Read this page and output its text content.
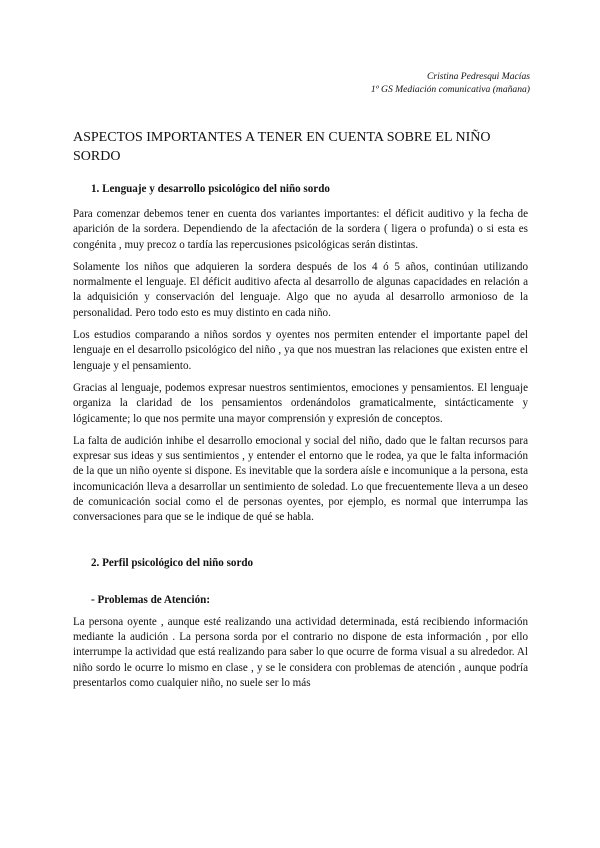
Cristina Pedresqui Macías
1º GS Mediación comunicativa (mañana)
ASPECTOS IMPORTANTES A TENER EN CUENTA SOBRE EL NIÑO SORDO
1. Lenguaje y desarrollo psicológico del niño sordo

Para comenzar debemos tener en cuenta dos variantes importantes: el déficit auditivo y la fecha de aparición de la sordera. Dependiendo de la afectación de la sordera ( ligera o profunda) o si esta es congénita , muy precoz o tardía las repercusiones psicológicas serán distintas.

Solamente los niños que adquieren la sordera después de los 4 ó 5 años, continúan utilizando normalmente el lenguaje. El déficit auditivo afecta al desarrollo de algunas capacidades en relación a la adquisición y conservación del lenguaje. Algo que no ayuda al desarrollo armonioso de la personalidad. Pero todo esto es muy distinto en cada niño.

Los estudios comparando a niños sordos y oyentes nos permiten entender el importante papel del lenguaje en el desarrollo psicológico del niño , ya que nos muestran las relaciones que existen entre el lenguaje y el pensamiento.

Gracias al lenguaje, podemos expresar nuestros sentimientos, emociones y pensamientos. El lenguaje organiza la claridad de los pensamientos ordenándolos gramaticalmente, sintácticamente y lógicamente; lo que nos permite una mayor comprensión y expresión de conceptos.

La falta de audición inhibe el desarrollo emocional y social del niño, dado que le faltan recursos para expresar sus ideas y sus sentimientos , y entender el entorno que le rodea, ya que le falta información de la que un niño oyente si dispone. Es inevitable que la sordera aísle e incomunique a la persona, esta incomunicación lleva a desarrollar un sentimiento de soledad. Lo que frecuentemente lleva a un deseo de comunicación social como el de personas oyentes, por ejemplo, es normal que interrumpa las conversaciones para que se le indique de qué se habla.

2. Perfil psicológico del niño sordo
- Problemas de Atención:

La persona oyente , aunque esté realizando una actividad determinada, está recibiendo información mediante la audición . La persona sorda por el contrario no dispone de esta información , por ello interrumpe la actividad que está realizando para saber lo que ocurre de forma visual a su alrededor. Al niño sordo le ocurre lo mismo en clase , y se le considera con problemas de atención , aunque podría presentarlos como cualquier niño, no suele ser lo más
